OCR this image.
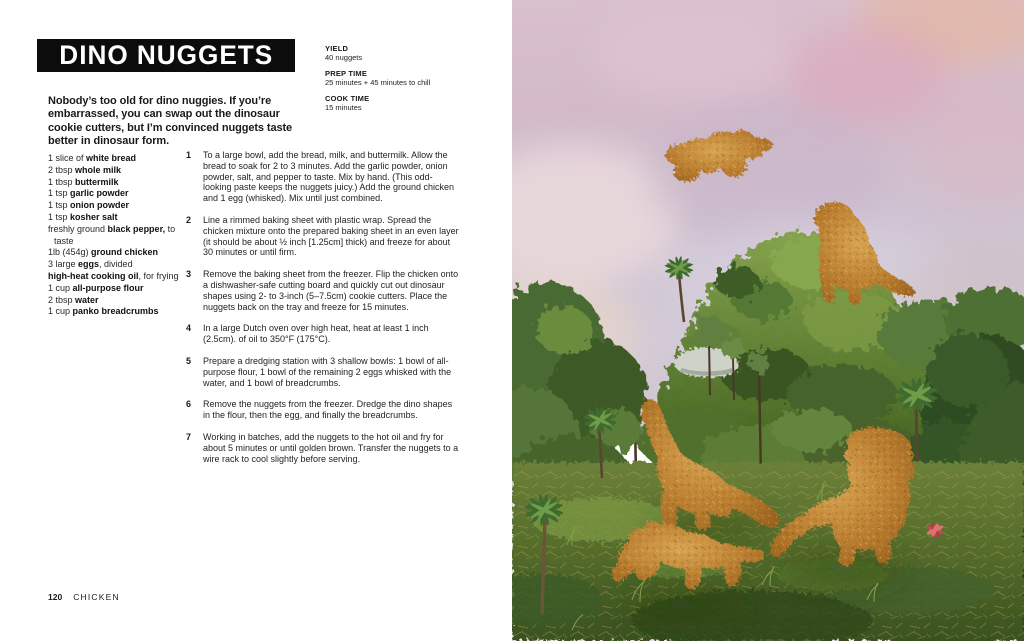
DINO NUGGETS

Nobody’s too old for dino nuggies. If you’re embarrassed, you can swap out the dinosaur cookie cutters, but I’m convinced nuggets taste better in dinosaur form.

YIELD
40 nuggets
PREP TIME
25 minutes + 45 minutes to chill
COOK TIME
15 minutes
1 slice of white bread
2 tbsp whole milk
1 tbsp buttermilk
1 tsp garlic powder
1 tsp onion powder
1 tsp kosher salt
freshly ground black pepper, to taste
1lb (454g) ground chicken
3 large eggs, divided
high-heat cooking oil, for frying
1 cup all-purpose flour
2 tbsp water
1 cup panko breadcrumbs
1	To a large bowl, add the bread, milk, and buttermilk. Allow the bread to soak for 2 to 3 minutes. Add the garlic powder, onion powder, salt, and pepper to taste. Mix by hand. (This odd-looking paste keeps the nuggets juicy.) Add the ground chicken and 1 egg (whisked). Mix until just combined.
2	Line a rimmed baking sheet with plastic wrap. Spread the chicken mixture onto the prepared baking sheet in an even layer (it should be about ½ inch [1.25cm] thick) and freeze for about 30 minutes or until firm.
3	Remove the baking sheet from the freezer. Flip the chicken onto a dishwasher-safe cutting board and quickly cut out dinosaur shapes using 2- to 3-inch (5–7.5cm) cookie cutters. Place the nuggets back on the tray and freeze for 15 minutes.
4	In a large Dutch oven over high heat, heat at least 1 inch (2.5cm). of oil to 350°F (175°C).
5	Prepare a dredging station with 3 shallow bowls: 1 bowl of all-purpose flour, 1 bowl of the remaining 2 eggs whisked with the water, and 1 bowl of breadcrumbs.
6	Remove the nuggets from the freezer. Dredge the dino shapes in the flour, then the egg, and finally the breadcrumbs.
7	Working in batches, add the nuggets to the hot oil and fry for about 5 minutes or until golden brown. Transfer the nuggets to a wire rack to cool slightly before serving.
120 CHICKEN
